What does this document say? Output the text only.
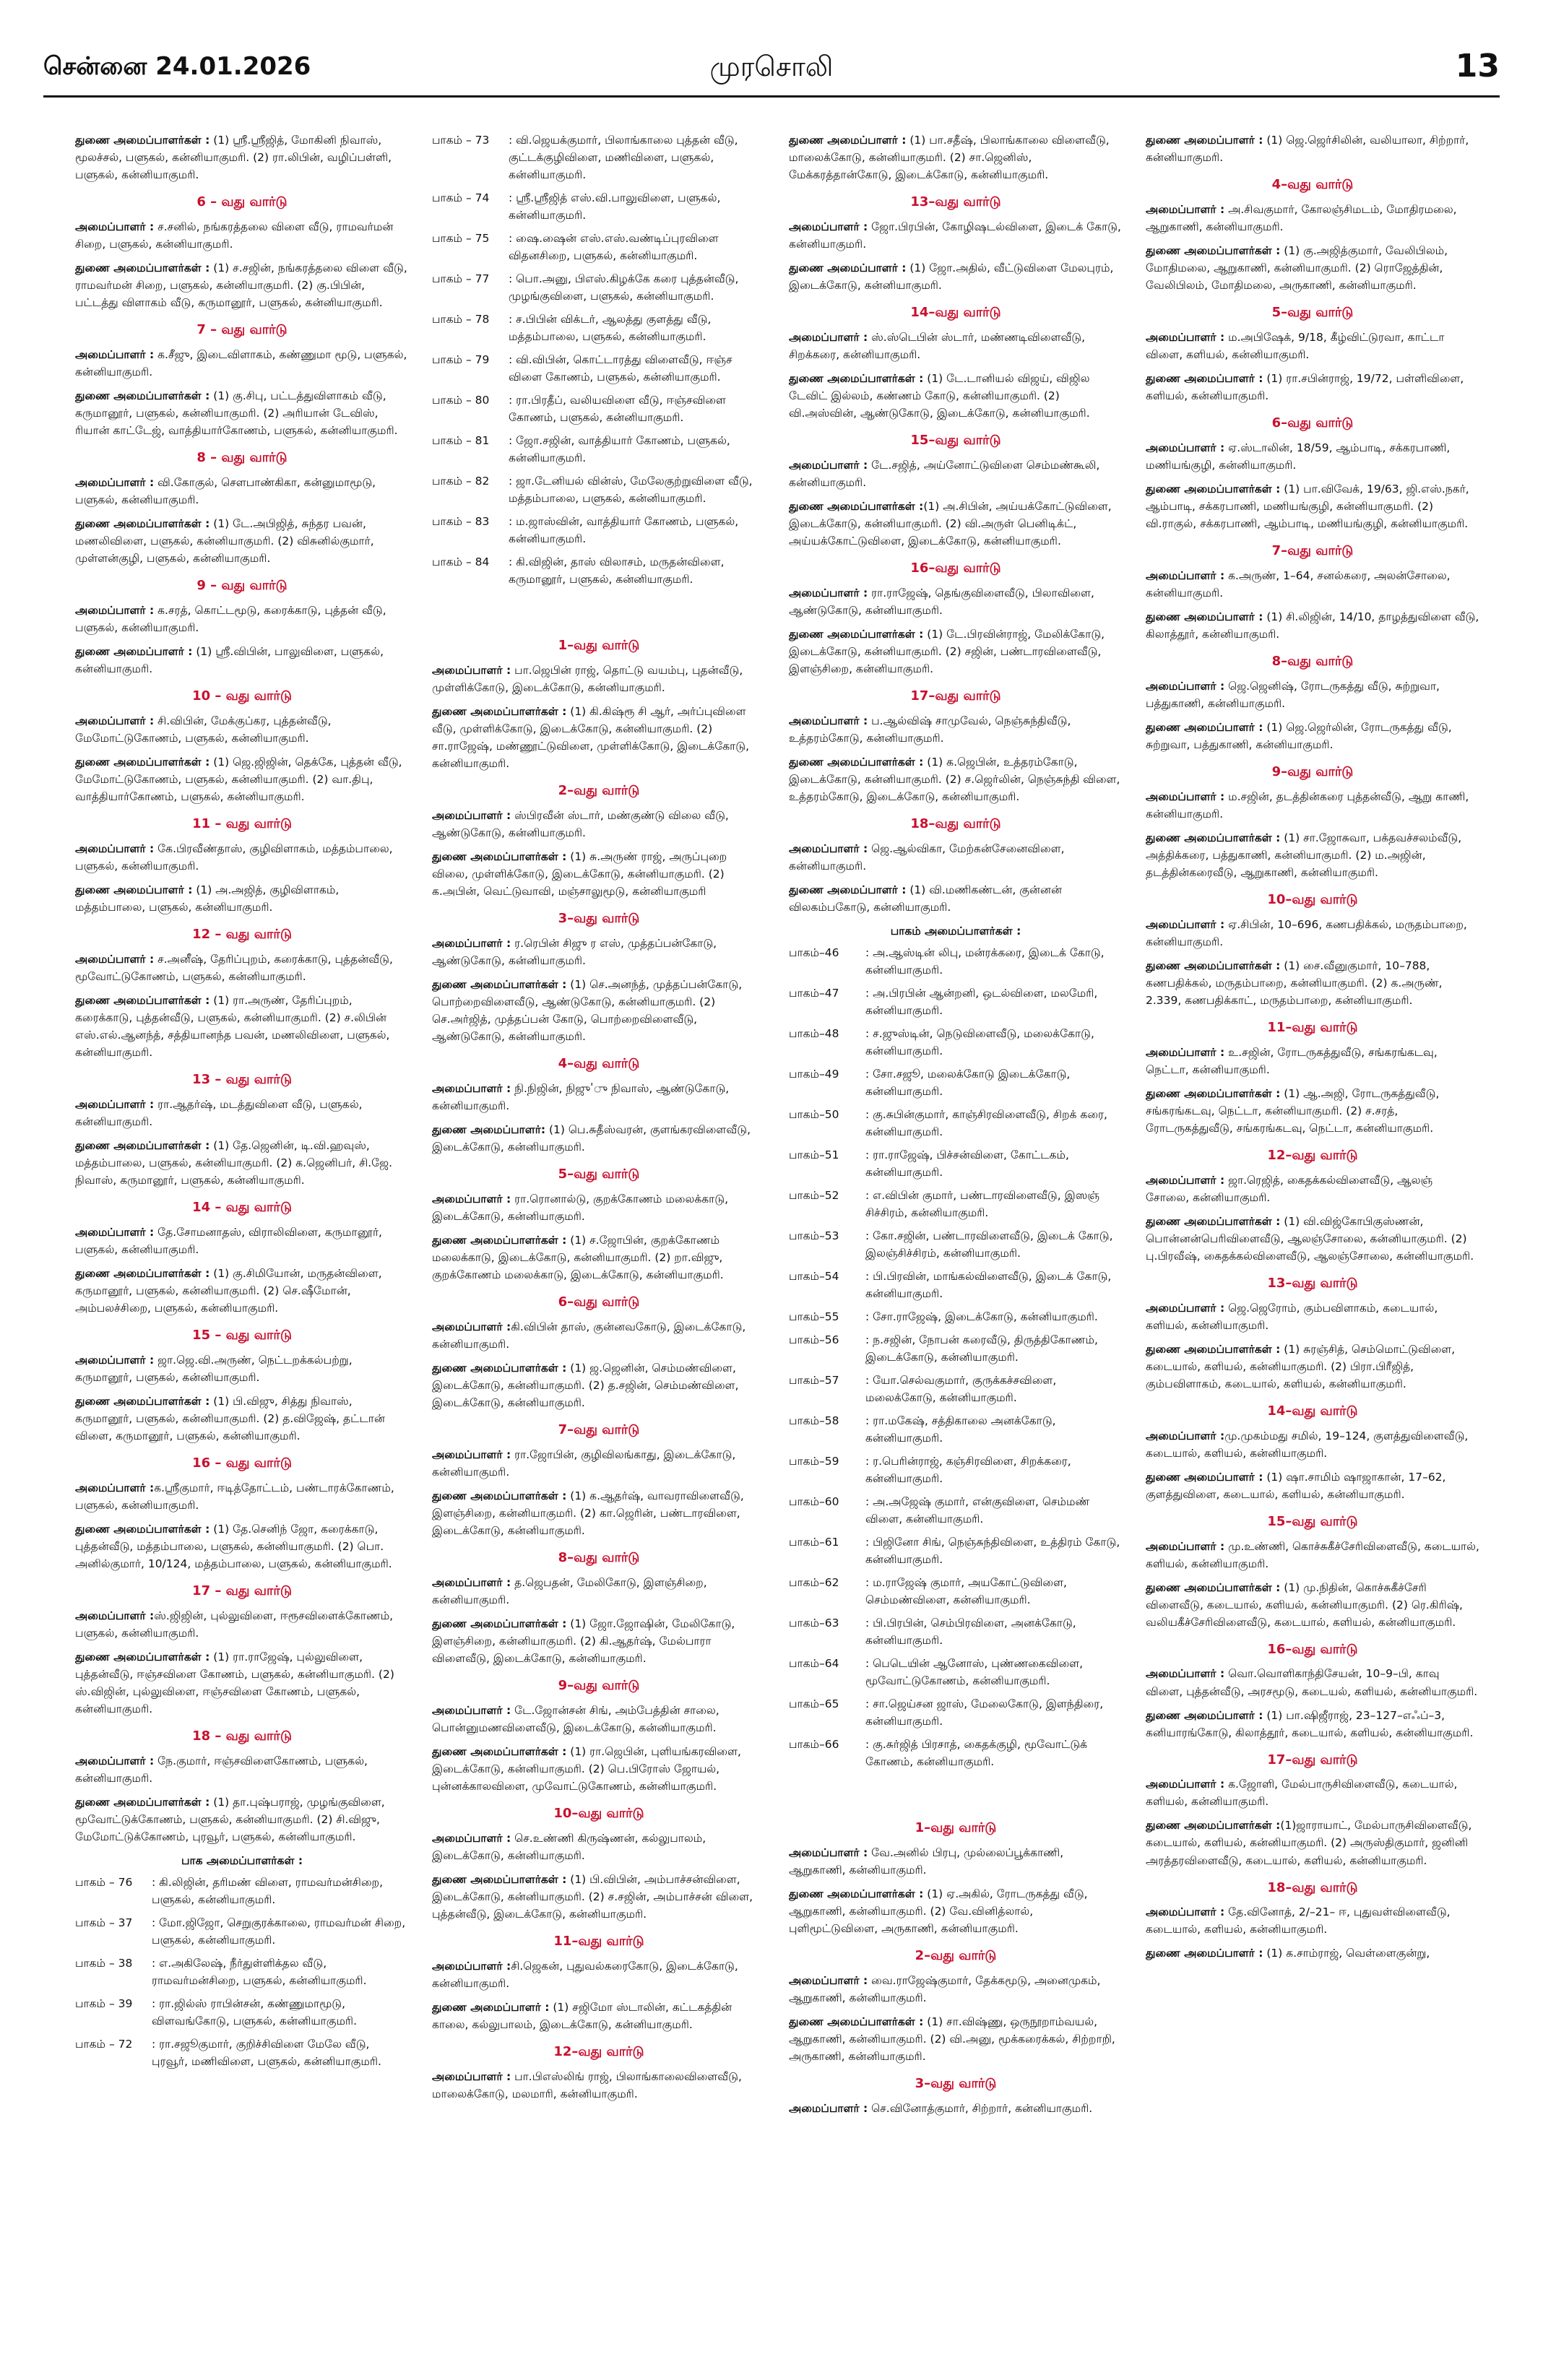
சென்னை 24.01.2026	முரசொலி	13

துணை அமைப்பாளர்கள் : (1) ஸ்ரீ.ஸ்ரீஜித், மோகினி நிவாஸ், மூலச்சல், பளுகல், கன்னியாகுமரி. (2) ரா.லிபின், வழிப்பள்ளி, பளுகல், கன்னியாகுமரி.

6 – வது வார்டு

அமைப்பாளர் : ச.சனில், நங்கரத்தலை விளை வீடு, ராமவர்மன் சிறை, பளுகல், கன்னியாகுமரி.

துணை அமைப்பாளர்கள் : (1) ச.சஜின், நங்கரத்தலை விளை வீடு, ராமவர்மன் சிறை, பளுகல், கன்னியாகுமரி. (2) கு.பிபின், பட்டத்து விளாகம் வீடு, கருமானூர், பளுகல், கன்னியாகுமரி.

7 – வது வார்டு

அமைப்பாளர் : க.சீஜு, இடைவிளாகம், கண்ணுமா மூடு, பளுகல், கன்னியாகுமரி.

துணை அமைப்பாளர்கள் : (1) கு.சிபு, பட்டத்துவிளாகம் வீடு, கருமானூர், பளுகல், கன்னியாகுமரி. (2) அரியான் டேவிஸ், ரியான் காட்டேஜ், வாத்தியார்கோணம், பளுகல், கன்னியாகுமரி.

8 – வது வார்டு

அமைப்பாளர் : வி.கோகுல், சௌபாண்கிகா, கன்னுமாமூடு, பளுகல், கன்னியாகுமரி.

துணை அமைப்பாளர்கள் : (1) டே.அபிஜித், சுந்தர பவன், மணலிவிளை, பளுகல், கன்னியாகுமரி. (2) விசுனில்குமார், முள்ளன்குழி, பளுகல், கன்னியாகுமரி.

9 – வது வார்டு

அமைப்பாளர் : க.சரத், கொட்டமூடு, கரைக்காடு, புத்தன் வீடு, பளுகல், கன்னியாகுமரி.

துணை அமைப்பாளர் : (1) ஸ்ரீ.விபின், பாலுவிளை, பளுகல், கன்னியாகுமரி.

10 – வது வார்டு

அமைப்பாளர் : சி.விபின், மேக்குப்கர, புத்தன்வீடு, மேமோட்டுகோணம், பளுகல், கன்னியாகுமரி.

துணை அமைப்பாளர்கள் : (1) ஜெ.ஜிஜின், தெக்கே, புத்தன் வீடு, மேமோட்டுகோணம், பளுகல், கன்னியாகுமரி. (2) வா.திபு, வாத்தியார்கோணம், பளுகல், கன்னியாகுமரி.

11 – வது வார்டு

அமைப்பாளர் : கே.பிரவீண்தாஸ், குழிவிளாகம், மத்தம்பாலை, பளுகல், கன்னியாகுமரி.

துணை அமைப்பாளர் : (1) அ.அஜித், குழிவிளாகம், மத்தம்பாலை, பளுகல், கன்னியாகுமரி.

12 – வது வார்டு

அமைப்பாளர் : ச.அனீஷ், தேரிப்புறம், கரைக்காடு, புத்தன்வீடு, மூவோட்டுகோணம், பளுகல், கன்னியாகுமரி.

துணை அமைப்பாளர்கள் : (1) ரா.அருண், தேரிப்புறம், கரைக்காடு, புத்தன்வீடு, பளுகல், கன்னியாகுமரி. (2) ச.லிபின் எஸ்.எல்.ஆனந்த், சத்தியானந்த பவன், மணலிவிளை, பளுகல், கன்னியாகுமரி.

13 – வது வார்டு

அமைப்பாளர் : ரா.ஆதர்ஷ், மடத்துவிளை வீடு, பளுகல், கன்னியாகுமரி.

துணை அமைப்பாளர்கள் : (1) தே.ஜெனின், டி.வி.ஹவுஸ், மத்தம்பாலை, பளுகல், கன்னியாகுமரி. (2) க.ஜெனிபர், சி.ஜே. நிவாஸ், கருமானூர், பளுகல், கன்னியாகுமரி.

14 – வது வார்டு

அமைப்பாளர் : தே.சோமனாதஸ், விராலிவிளை, கருமானூர், பளுகல், கன்னியாகுமரி.

துணை அமைப்பாளர்கள் : (1) கு.சிமியோன், மருதன்விளை, கருமானூர், பளுகல், கன்னியாகுமரி. (2) செ.ஷீமோன், அம்பலச்சிறை, பளுகல், கன்னியாகுமரி.

15 – வது வார்டு

அமைப்பாளர் : ஜா.ஜெ.வி.அருண், நெட்டறக்கல்பற்று, கருமானூர், பளுகல், கன்னியாகுமரி.

துணை அமைப்பாளர்கள் : (1) பி.விஜு, சித்து நிவாஸ், கருமானூர், பளுகல், கன்னியாகுமரி. (2) த.விஜேஷ், தட்டான் விளை, கருமானூர், பளுகல், கன்னியாகுமரி.

16 – வது வார்டு

அமைப்பாளர் :க.ஸ்ரீகுமார், ஈடித்தோட்டம், பண்டாரக்கோணம், பளுகல், கன்னியாகுமரி.

துணை அமைப்பாளர்கள் : (1) தே.செனிந் ஜோ, கரைக்காடு, புத்தன்வீடு, மத்தம்பாலை, பளுகல், கன்னியாகுமரி. (2) பொ. அனில்குமார், 10/124, மத்தம்பாலை, பளுகல், கன்னியாகுமரி.

17 – வது வார்டு

அமைப்பாளர் :ஸ்.ஜிஜின், புல்லுவிளை, ஈரூசவிளைக்கோணம், பளுகல், கன்னியாகுமரி.

துணை அமைப்பாளர்கள் : (1) ரா.ராஜேஷ், புல்லுவிளை, புத்தன்வீடு, ஈஞ்சவிளை கோணம், பளுகல், கன்னியாகுமரி. (2) ஸ்.விஜின், புல்லுவிளை, ஈஞ்சவிளை கோணம், பளுகல், கன்னியாகுமரி.

18 – வது வார்டு

அமைப்பாளர் : நே.குமார், ஈஞ்சவிளைகோணம், பளுகல், கன்னியாகுமரி.

துணை அமைப்பாளர்கள் : (1) தா.புஷ்பராஜ், முழங்குவிளை, மூவோட்டுக்கோணம், பளுகல், கன்னியாகுமரி. (2) சி.விஜு, மேமோட்டுக்கோணம், புரவூர், பளுகல், கன்னியாகுமரி.

பாக அமைப்பாளர்கள் :
பாகம் – 76	: கி.லிஜின், தரிமண் விளை, ராமவர்மன்சிறை, பளுகல், கன்னியாகுமரி.
பாகம் – 37	: மோ.ஜிஜோ, செறுகுரக்காலை, ராமவர்மன் சிறை, பளுகல், கன்னியாகுமரி.
பாகம் – 38	: எ.அகிலேஷ், நீர்துள்ளிக்தல வீடு, ராமவர்மன்சிறை, பளுகல், கன்னியாகுமரி.
பாகம் – 39	: ரா.ஜில்ஸ் ராபின்சன், கண்ணுமாமூடு, விளவங்கோடு, பளுகல், கன்னியாகுமரி.
பாகம் – 72	: ரா.சஜூகுமார், குறிச்சிவிளை மேலே வீடு, புரவூர், மணிவிளை, பளுகல், கன்னியாகுமரி.
பாகம் – 73	: வி.ஜெயக்குமார், பிலாங்காலை புத்தன் வீடு, குட்டக்குழிவிளை, மணிவிளை, பளுகல், கன்னியாகுமரி.
பாகம் – 74	: ஸ்ரீ.ஸ்ரீஜித் எஸ்.வி.பாலுவிளை, பளுகல், கன்னியாகுமரி.
பாகம் – 75	: ஷை.ஷைன் எஸ்.எஸ்.வண்டிப்புரவிளை விதனசிறை, பளுகல், கன்னியாகுமரி.
பாகம் – 77	: பொ.அனு, பிஎஸ்.கிழக்கே கரை புத்தன்வீடு, முழங்குவிளை, பளுகல், கன்னியாகுமரி.
பாகம் – 78	: ச.பிபின் விக்டர், ஆலத்து குளத்து வீடு, மத்தம்பாலை, பளுகல், கன்னியாகுமரி.
பாகம் – 79	: வி.விபின், கொட்டாரத்து விளைவீடு, ஈஞ்ச விளை கோணம், பளுகல், கன்னியாகுமரி.
பாகம் – 80	: ரா.பிரதீப், வலியவிளை வீடு, ஈஞ்சவிளை கோணம், பளுகல், கன்னியாகுமரி.
பாகம் – 81	: ஜோ.சஜின், வாத்தியார் கோணம், பளுகல், கன்னியாகுமரி.
பாகம் – 82	: ஜா.டேனியல் வின்ஸ், மேலேகுற்றுவிளை வீடு, மத்தம்பாலை, பளுகல், கன்னியாகுமரி.
பாகம் – 83	: ம.ஜாஸ்வின், வாத்தியார் கோணம், பளுகல், கன்னியாகுமரி.
பாகம் – 84	: கி.விஜின், தாஸ் விலாசம், மருதன்விளை, கருமானூர், பளுகல், கன்னியாகுமரி.
1–வது வார்டு

அமைப்பாளர் : பா.ஜெபின் ராஜ், தொட்டு வயம்பு, புதன்வீடு, முள்ளிக்கோடு, இடைக்கோடு, கன்னியாகுமரி.

துணை அமைப்பாளர்கள் : (1) கி.கிஷ்ரூ சி ஆர், அர்ப்புவிளை வீடு, முள்ளிக்கோடு, இடைக்கோடு, கன்னியாகுமரி. (2) சா.ராஜேஷ், மண்ணூட்டுவிளை, முள்ளிக்கோடு, இடைக்கோடு, கன்னியாகுமரி.

2–வது வார்டு

அமைப்பாளர் : ஸ்பிரவீன் ஸ்டார், மண்குண்டு விலை வீடு, ஆண்டுகோடு, கன்னியாகுமரி.

துணை அமைப்பாளர்கள் : (1) சு.அருண் ராஜ், அருப்புறை விலை, முள்ளிக்கோடு, இடைக்கோடு, கன்னியாகுமரி. (2) க.அபின், வெட்டுவாவி, மஞ்சாலுமூடு, கன்னியாகுமரி

3–வது வார்டு

அமைப்பாளர் : ர.ரெபின் சிஜு ர எஸ், முத்தப்பன்கோடு, ஆண்டுகோடு, கன்னியாகுமரி.

துணை அமைப்பாளர்கள் : (1) செ.அனந்த், முத்தப்பன்கோடு, பொற்றைவிளைவீடு, ஆண்டுகோடு, கன்னியாகுமரி. (2) செ.அர்ஜித், முத்தப்பன் கோடு, பொற்றைவிளைவீடு, ஆண்டுகோடு, கன்னியாகுமரி.

4–வது வார்டு

அமைப்பாளர் : நி.நிஜின், நிஜு'ு நிவாஸ், ஆண்டுகோடு, கன்னியாகுமரி.

துணை அமைப்பாளர்: (1) பெ.சுதீஸ்வரன், குளங்கரவிளைவீடு, இடைக்கோடு, கன்னியாகுமரி.

5–வது வார்டு

அமைப்பாளர் : ரா.ரொனால்டு, குறக்கோணம் மலைக்காடு, இடைக்கோடு, கன்னியாகுமரி.

துணை அமைப்பாளர்கள் : (1) ச.ஜோபின், குறக்கோணம் மலைக்காடு, இடைக்கோடு, கன்னியாகுமரி. (2) றா.விஜு, குறக்கோணம் மலைக்காடு, இடைக்கோடு, கன்னியாகுமரி.

6–வது வார்டு

அமைப்பாளர் :கி.விபின் தாஸ், குன்னவகோடு, இடைக்கோடு, கன்னியாகுமரி.

துணை அமைப்பாளர்கள் : (1) ஜ.ஜெனின், செம்மண்விளை, இடைக்கோடு, கன்னியாகுமரி. (2) த.சஜின், செம்மண்விளை, இடைக்கோடு, கன்னியாகுமரி.

7–வது வார்டு

அமைப்பாளர் : ரா.ஜோபின், குழிவிலங்காது, இடைக்கோடு, கன்னியாகுமரி.

துணை அமைப்பாளர்கள் : (1) க.ஆதர்ஷ், வாவராவிளைவீடு, இளஞ்சிறை, கன்னியாகுமரி. (2) கா.ஜெரின், பண்டாரவிளை, இடைக்கோடு, கன்னியாகுமரி.

8–வது வார்டு

அமைப்பாளர் : த.ஜெபதன், மேலிகோடு, இளஞ்சிறை, கன்னியாகுமரி.

துணை அமைப்பாளர்கள் : (1) ஜோ.ஜோஷின், மேலிகோடு, இளஞ்சிறை, கன்னியாகுமரி. (2) கி.ஆதர்ஷ், மேல்பாரா விளைவீடு, இடைக்கோடு, கன்னியாகுமரி.

9–வது வார்டு

அமைப்பாளர் : டே.ஜோன்சன் சிங், அம்பேத்தின் சாலை, பொன்னுமணவிளைவீடு, இடைக்கோடு, கன்னியாகுமரி.

துணை அமைப்பாளர்கள் : (1) ரா.ஜெபின், புளியங்கரவிளை, இடைக்கோடு, கன்னியாகுமரி. (2) பெ.பிரோஸ் ஜோயல், புன்னக்காலவிளை, முவோட்டுகோணம், கன்னியாகுமரி.

10–வது வார்டு

அமைப்பாளர் : செ.உண்ணி கிருஷ்ணன், கல்லுபாலம், இடைக்கோடு, கன்னியாகுமரி.

துணை அமைப்பாளர்கள் : (1) பி.விபின், அம்பாச்சன்விளை, இடைக்கோடு, கன்னியாகுமரி. (2) ச.சஜின், அம்பாச்சன் விளை, புத்தன்வீடு, இடைக்கோடு, கன்னியாகுமரி.

11–வது வார்டு

அமைப்பாளர் :சி.ஜெகன், புதுவல்கரைகோடு, இடைக்கோடு, கன்னியாகுமரி.

துணை அமைப்பாளர் : (1) சஜிமோ ஸ்டாலின், கட்டகத்தின் காலை, கல்லுபாலம், இடைக்கோடு, கன்னியாகுமரி.

12–வது வார்டு

அமைப்பாளர் : பா.பிஎஸ்லிங் ராஜ், பிலாங்காலைவிளைவீடு, மாலைக்கோடு, மலமாரி, கன்னியாகுமரி.

துணை அமைப்பாளர் : (1) பா.சதீஷ், பிலாங்காலை விளைவீடு, மாலைக்கோடு, கன்னியாகுமரி. (2) சா.ஜெனிஸ், மேக்கரத்தான்கோடு, இடைக்கோடு, கன்னியாகுமரி.

13–வது வார்டு

அமைப்பாளர் : ஜோ.பிரபின், கோழிஷடல்விளை, இடைக் கோடு, கன்னியாகுமரி.

துணை அமைப்பாளர் : (1) ஜோ.அதில், வீட்டுவிளை மேலபுரம், இடைக்கோடு, கன்னியாகுமரி.

14–வது வார்டு

அமைப்பாளர் : ஸ்.ஸ்டெபின் ஸ்டார், மண்ணடிவிளைவீடு, சிறக்கரை, கன்னியாகுமரி.

துணை அமைப்பாளர்கள் : (1) டே.டானியல் விஜய், விஜில டேவிட் இல்லம், கண்ணம் கோடு, கன்னியாகுமரி. (2) வி.அஸ்வின், ஆண்டுகோடு, இடைக்கோடு, கன்னியாகுமரி.

15–வது வார்டு

அமைப்பாளர் : டே.சஜித், அய்னோட்டுவிளை செம்மண்கூலி, கன்னியாகுமரி.

துணை அமைப்பாளர்கள் :(1) அ.சிபின், அய்யக்கோட்டுவிளை, இடைக்கோடு, கன்னியாகுமரி. (2) வி.அருள் பெனிடிக்ட், அய்யக்கோட்டுவிளை, இடைக்கோடு, கன்னியாகுமரி.

16–வது வார்டு

அமைப்பாளர் : ரா.ராஜேஷ், தெங்குவிளைவீடு, பிலாவிளை, ஆண்டுகோடு, கன்னியாகுமரி.

துணை அமைப்பாளர்கள் : (1) டே.பிரவின்ராஜ், மேலிக்கோடு, இடைக்கோடு, கன்னியாகுமரி. (2) சஜின், பண்டாரவிளைவீடு, இளஞ்சிறை, கன்னியாகுமரி.

17–வது வார்டு

அமைப்பாளர் : ப.ஆல்விஷ் சாமுவேல், நெஞ்சுந்திவீடு, உத்தரம்கோடு, கன்னியாகுமரி.

துணை அமைப்பாளர்கள் : (1) க.ஜெபின், உத்தரம்கோடு, இடைக்கோடு, கன்னியாகுமரி. (2) ச.ஜெர்லின், நெஞ்சுந்தி விளை, உத்தரம்கோடு, இடைக்கோடு, கன்னியாகுமரி.

18–வது வார்டு

அமைப்பாளர் : ஜெ.ஆல்விகா, மேற்கன்சேனைவிளை, கன்னியாகுமரி.

துணை அமைப்பாளர் : (1) வி.மணிகண்டன், குன்னன் விலகம்பகோடு, கன்னியாகுமரி.

பாகம் அமைப்பாளர்கள் :
பாகம்–46	: அ.ஆஸ்டின் லிபு, மன்ரக்கரை, இடைக் கோடு, கன்னியாகுமரி.
பாகம்–47	: அ.பிரபின் ஆன்றனி, ஒடல்விளை, மலமேரி, கன்னியாகுமரி.
பாகம்–48	: ச.ஜுஸ்டின், நெடுவிளைவீடு, மலைக்கோடு, கன்னியாகுமரி.
பாகம்–49	: சோ.சஜூ, மலைக்கோடு இடைக்கோடு, கன்னியாகுமரி.
பாகம்–50	: கு.சுபின்குமார், காஞ்சிரவிளைவீடு, சிறக் கரை, கன்னியாகுமரி.
பாகம்–51	: ரா.ராஜேஷ், பிச்சன்விளை, கோட்டகம், கன்னியாகுமரி.
பாகம்–52	: எ.விபின் குமார், பண்டாரவிளைவீடு, இஸஞ் சிச்சிரம், கன்னியாகுமரி.
பாகம்–53	: கோ.சஜின், பண்டாரவிளைவீடு, இடைக் கோடு, இலஞ்சிச்சிரம், கன்னியாகுமரி.
பாகம்–54	: பி.பிரவின், மாங்கல்விளைவீடு, இடைக் கோடு, கன்னியாகுமரி.
பாகம்–55	: சோ.ராஜேஷ், இடைக்கோடு, கன்னியாகுமரி.
பாகம்–56	: ந.சஜின், நோபன் கரைவீடு, திருத்திகோணம், இடைக்கோடு, கன்னியாகுமரி.
பாகம்–57	: யோ.செல்வகுமார், குருக்கச்சவிளை, மலைக்கோடு, கன்னியாகுமரி.
பாகம்–58	: ரா.மகேஷ், சத்திகாலை அனக்கோடு, கன்னியாகுமரி.
பாகம்–59	: ர.பெரின்ராஜ், கஞ்சிரவிளை, சிறக்கரை, கன்னியாகுமரி.
பாகம்–60	: அ.அஜேஷ் குமார், என்குவிளை, செம்மண் விளை, கன்னியாகுமரி.
பாகம்–61	: பிஜினோ சிங், நெஞ்சுந்திவிளை, உத்திரம் கோடு, கன்னியாகுமரி.
பாகம்–62	: ம.ராஜேஷ் குமார், அயகோட்டுவிளை, செம்மண்விளை, கன்னியாகுமரி.
பாகம்–63	: பி.பிரபின், செம்பிரவிளை, அனக்கோடு, கன்னியாகுமரி.
பாகம்–64	: பெடெயின் ஆனோஸ், புண்ணகைவிளை, மூவோட்டுகோணம், கன்னியாகுமரி.
பாகம்–65	: சா.ஜெய்சன ஜாஸ், மேலைகோடு, இளந்திரை, கன்னியாகுமரி.
பாகம்–66	: கு.சுர்ஜித் பிரசாத், கைதக்குழி, மூவோட்டுக் கோணம், கன்னியாகுமரி.
1–வது வார்டு

அமைப்பாளர் : வே.அனில் பிரபு, முல்லைப்பூக்காணி, ஆறுகாணி, கன்னியாகுமரி.

துணை அமைப்பாளர்கள் : (1) ஏ.அகில், ரோடருகத்து வீடு, ஆறுகாணி, கன்னியாகுமரி. (2) வே.வினித்லால், புளிமூட்டுவிளை, அருகாணி, கன்னியாகுமரி.

2–வது வார்டு

அமைப்பாளர் : வை.ராஜேஷ்குமார், தேக்கமூடு, அனைமுகம், ஆறுகாணி, கன்னியாகுமரி.

துணை அமைப்பாளர்கள் : (1) சா.விஷ்ணு, ஒருநூறாம்வயல், ஆறுகாணி, கன்னியாகுமரி. (2) வி.அனு, மூக்கரைக்கல், சிற்றாறி, அருகாணி, கன்னியாகுமரி.

3–வது வார்டு

அமைப்பாளர் : செ.வினோத்குமார், சிற்றார், கன்னியாகுமரி.

துணை அமைப்பாளர் : (1) ஜெ.ஜெர்சிலின், வலியாலா, சிற்றார், கன்னியாகுமரி.

4–வது வார்டு

அமைப்பாளர் : அ.சிவகுமார், கோலஞ்சிமடம், மோதிரமலை, ஆறுகாணி, கன்னியாகுமரி.

துணை அமைப்பாளர்கள் : (1) கு.அஜித்குமார், வேலிபிலம், மோதிமலை, ஆறுகாணி, கன்னியாகுமரி. (2) ரொஜேத்தின், வேலிபிலம், மோதிமலை, அருகாணி, கன்னியாகுமரி.

5–வது வார்டு

அமைப்பாளர் : ம.அபிஷேக், 9/18, கீழ்விட்டுரவா, காட்டா விளை, களியல், கன்னியாகுமரி.

துணை அமைப்பாளர் : (1) ரா.சபின்ராஜ், 19/72, பள்ளிவிளை, களியல், கன்னியாகுமரி.

6–வது வார்டு

அமைப்பாளர் : ஏ.ஸ்டாலின், 18/59, ஆம்பாடி, சக்கரபாணி, மணியங்குழி, கன்னியாகுமரி.

துணை அமைப்பாளர்கள் : (1) பா.விவேக், 19/63, ஜி.எஸ்.நகர், ஆம்பாடி, சக்கரபாணி, மணியங்குழி, கன்னியாகுமரி. (2) வி.ராகுல், சக்கரபாணி, ஆம்பாடி, மணியங்குழி, கன்னியாகுமரி.

7–வது வார்டு

அமைப்பாளர் : க.அருண், 1–64, சனல்கரை, அலன்சோலை, கன்னியாகுமரி.

துணை அமைப்பாளர் : (1) சி.லிஜின், 14/10, தாழத்துவிளை வீடு, கிலாத்தூர், கன்னியாகுமரி.

8–வது வார்டு

அமைப்பாளர் : ஜெ.ஜெனிஷ், ரோடருகத்து வீடு, சுற்றுவா, பத்துகாணி, கன்னியாகுமரி.

துணை அமைப்பாளர் : (1) ஜெ.ஜெர்லின், ரோடருகத்து வீடு, சுற்றுவா, பத்துகாணி, கன்னியாகுமரி.

9–வது வார்டு

அமைப்பாளர் : ம.சஜின், தடத்தின்கரை புத்தன்வீடு, ஆறு காணி, கன்னியாகுமரி.

துணை அமைப்பாளர்கள் : (1) சா.ஜோசுவா, பக்தவச்சலம்வீடு, அத்திக்கரை, பத்துகாணி, கன்னியாகுமரி. (2) ம.அஜின், தடத்தின்கரைவீடு, ஆறுகாணி, கன்னியாகுமரி.

10–வது வார்டு

அமைப்பாளர் : ஏ.சிபின், 10–696, கணபதிக்கல், மருதம்பாறை, கன்னியாகுமரி.

துணை அமைப்பாளர்கள் : (1) சை.வீனுகுமார், 10–788, கணபதிக்கல், மருதம்பாறை, கன்னியாகுமரி. (2) க.அருண், 2.339, கணபதிக்காட், மருதம்பாறை, கன்னியாகுமரி.

11–வது வார்டு

அமைப்பாளர் : உ.சஜின், ரோடருகத்துவீடு, சங்கரங்கடவு, நெட்டா, கன்னியாகுமரி.

துணை அமைப்பாளர்கள் : (1) ஆ.அஜி, ரோடருகத்துவீடு, சங்கரங்கடவு, நெட்டா, கன்னியாகுமரி. (2) ச.சரத், ரோடருகத்துவீடு, சங்கரங்கடவு, நெட்டா, கன்னியாகுமரி.

12–வது வார்டு

அமைப்பாளர் : ஜா.ரெஜித், கைதக்கல்விளைவீடு, ஆலஞ் சோலை, கன்னியாகுமரி.

துணை அமைப்பாளர்கள் : (1) வி.விஜ்கோபிகுஸ்ணன், பொன்னன்பெரிவிளைவீடு, ஆலஞ்சோலை, கன்னியாகுமரி. (2) பு.பிரவீஷ், கைதக்கல்விளைவீடு, ஆலஞ்சோலை, கன்னியாகுமரி.

13–வது வார்டு

அமைப்பாளர் : ஜெ.ஜெரோம், கும்பவிளாகம், கடையால், களியல், கன்னியாகுமரி.

துணை அமைப்பாளர்கள் : (1) சுரஞ்சித், செம்மொட்டுவிளை, கடையால், களியல், கன்னியாகுமரி. (2) பிரா.பிரீஜித், கும்பவிளாகம், கடையால், களியல், கன்னியாகுமரி.

14–வது வார்டு

அமைப்பாளர் :மு.முகம்மது சமில், 19–124, குளத்துவிளைவீடு, கடையால், களியல், கன்னியாகுமரி.

துணை அமைப்பாளர் : (1) ஷா.சாமிம் ஷாஜாகான், 17–62, குளத்துவிளை, கடையால், களியல், கன்னியாகுமரி.

15–வது வார்டு

அமைப்பாளர் : மு.உண்ணி, கொச்சுகீச்சேரிவிளைவீடு, கடையால், களியல், கன்னியாகுமரி.

துணை அமைப்பாளர்கள் : (1) மு.நிதின், கொச்சுகீச்சேரி விளைவீடு, கடையால், களியல், கன்னியாகுமரி. (2) ரெ.கிரிஷ், வலியகீச்சேரிவிளைவீடு, கடையால், களியல், கன்னியாகுமரி.

16–வது வார்டு

அமைப்பாளர் : வொ.வொளிகாந்திசேயன், 10–9–பி, காவு விளை, புத்தன்வீடு, அரசமூடு, கடையல், களியல், கன்னியாகுமரி.

துணை அமைப்பாளர் : (1) பா.ஷிஜீராஜ், 23–127–எஃப்–3, கனியாரங்கோடு, கிலாத்தூர், கடையால், களியல், கன்னியாகுமரி.

17–வது வார்டு

அமைப்பாளர் : க.ஜோளி, மேல்பாருசிவிளைவீடு, கடையால், களியல், கன்னியாகுமரி.

துணை அமைப்பாளர்கள் :(1)ஜாராயாட், மேல்பாருசிவிளைவீடு, கடையால், களியல், கன்னியாகுமரி. (2) அருஸ்திகுமார், ஜனினி அரத்தரவிளைவீடு, கடையால், களியல், கன்னியாகுமரி.

18–வது வார்டு

அமைப்பாளர் : தே.வினோத், 2/–21– ஈ, புதுவள்விளைவீடு, கடையால், களியல், கன்னியாகுமரி.

துணை அமைப்பாளர் : (1) க.சாம்ராஜ், வெள்ளைகுன்று,
